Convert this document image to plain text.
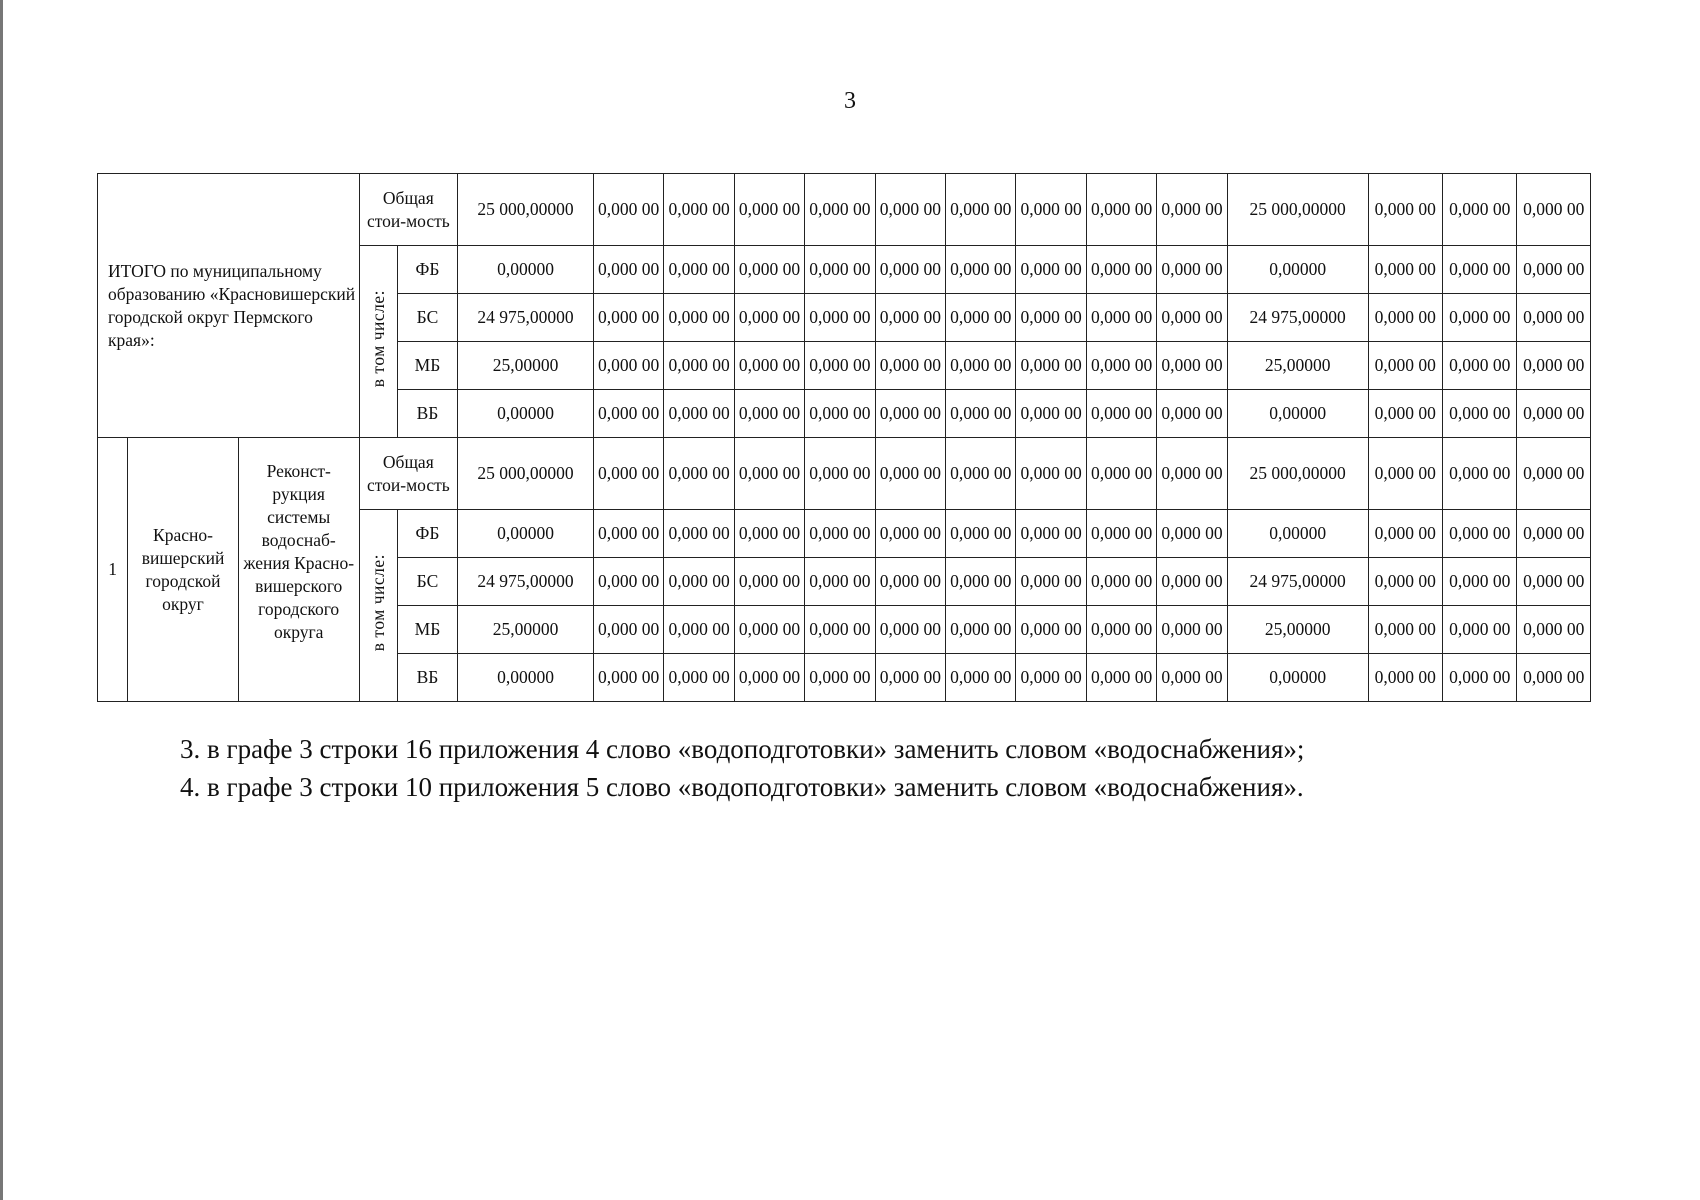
3
ИТОГО по муниципальному образованию «Красновишерский городской округ Пермского края»:			Общая стои-мость		25 000,00000	0,000 00	0,000 00	0,000 00	0,000 00	0,000 00	0,000 00	0,000 00	0,000 00	0,000 00	25 000,00000	0,000 00	0,000 00	0,000 00
			в том числе:	ФБ	0,00000	0,000 00	0,000 00	0,000 00	0,000 00	0,000 00	0,000 00	0,000 00	0,000 00	0,000 00	0,00000	0,000 00	0,000 00	0,000 00
				БС	24 975,00000	0,000 00	0,000 00	0,000 00	0,000 00	0,000 00	0,000 00	0,000 00	0,000 00	0,000 00	24 975,00000	0,000 00	0,000 00	0,000 00
				МБ	25,00000	0,000 00	0,000 00	0,000 00	0,000 00	0,000 00	0,000 00	0,000 00	0,000 00	0,000 00	25,00000	0,000 00	0,000 00	0,000 00
				ВБ	0,00000	0,000 00	0,000 00	0,000 00	0,000 00	0,000 00	0,000 00	0,000 00	0,000 00	0,000 00	0,00000	0,000 00	0,000 00	0,000 00
1	Красно-вишерский городской округ	Реконст-рукция системы водоснаб-жения Красно-вишерского городского округа	Общая стои-мость		25 000,00000	0,000 00	0,000 00	0,000 00	0,000 00	0,000 00	0,000 00	0,000 00	0,000 00	0,000 00	25 000,00000	0,000 00	0,000 00	0,000 00
			в том числе:	ФБ	0,00000	0,000 00	0,000 00	0,000 00	0,000 00	0,000 00	0,000 00	0,000 00	0,000 00	0,000 00	0,00000	0,000 00	0,000 00	0,000 00
				БС	24 975,00000	0,000 00	0,000 00	0,000 00	0,000 00	0,000 00	0,000 00	0,000 00	0,000 00	0,000 00	24 975,00000	0,000 00	0,000 00	0,000 00
				МБ	25,00000	0,000 00	0,000 00	0,000 00	0,000 00	0,000 00	0,000 00	0,000 00	0,000 00	0,000 00	25,00000	0,000 00	0,000 00	0,000 00
				ВБ	0,00000	0,000 00	0,000 00	0,000 00	0,000 00	0,000 00	0,000 00	0,000 00	0,000 00	0,000 00	0,00000	0,000 00	0,000 00	0,000 00

3. в графе 3 строки 16 приложения 4 слово «водоподготовки» заменить словом «водоснабжения»;

4. в графе 3 строки 10 приложения 5 слово «водоподготовки» заменить словом «водоснабжения».
